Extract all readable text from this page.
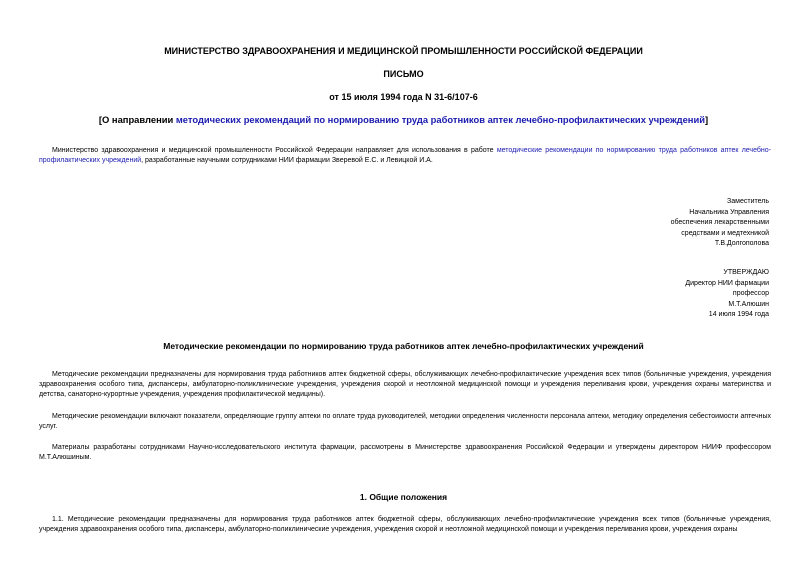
МИНИСТЕРСТВО ЗДРАВООХРАНЕНИЯ И МЕДИЦИНСКОЙ ПРОМЫШЛЕННОСТИ РОССИЙСКОЙ ФЕДЕРАЦИИ
ПИСЬМО
от 15 июля 1994 года N 31-6/107-6
[О направлении методических рекомендаций по нормированию труда работников аптек лечебно-профилактических учреждений]
Министерство здравоохранения и медицинской промышленности Российской Федерации направляет для использования в работе методические рекомендации по нормированию труда работников аптек лечебно-профилактических учреждений, разработанные научными сотрудниками НИИ фармации Зверевой Е.С. и Левицкой И.А.
Заместитель
Начальника Управления
обеспечения лекарственными
средствами и медтехникой
Т.В.Долгополова
УТВЕРЖДАЮ
Директор НИИ фармации
профессор
М.Т.Алюшин
14 июля 1994 года
Методические рекомендации по нормированию труда работников аптек лечебно-профилактических учреждений
Методические рекомендации предназначены для нормирования труда работников аптек бюджетной сферы, обслуживающих лечебно-профилактические учреждения всех типов (больничные учреждения, учреждения здравоохранения особого типа, диспансеры, амбулаторно-поликлинические учреждения, учреждения скорой и неотложной медицинской помощи и учреждения переливания крови, учреждения охраны материнства и детства, санаторно-курортные учреждения, учреждения профилактической медицины).
Методические рекомендации включают показатели, определяющие группу аптеки по оплате труда руководителей, методики определения численности персонала аптеки, методику определения себестоимости аптечных услуг.
Материалы разработаны сотрудниками Научно-исследовательского института фармации, рассмотрены в Министерстве здравоохранения Российской Федерации и утверждены директором НИИФ профессором М.Т.Алюшиным.
1. Общие положения
1.1. Методические рекомендации предназначены для нормирования труда работников аптек бюджетной сферы, обслуживающих лечебно-профилактические учреждения всех типов (больничные учреждения, учреждения здравоохранения особого типа, диспансеры, амбулаторно-поликлинические учреждения, учреждения скорой и неотложной медицинской помощи и учреждения переливания крови, учреждения охраны
